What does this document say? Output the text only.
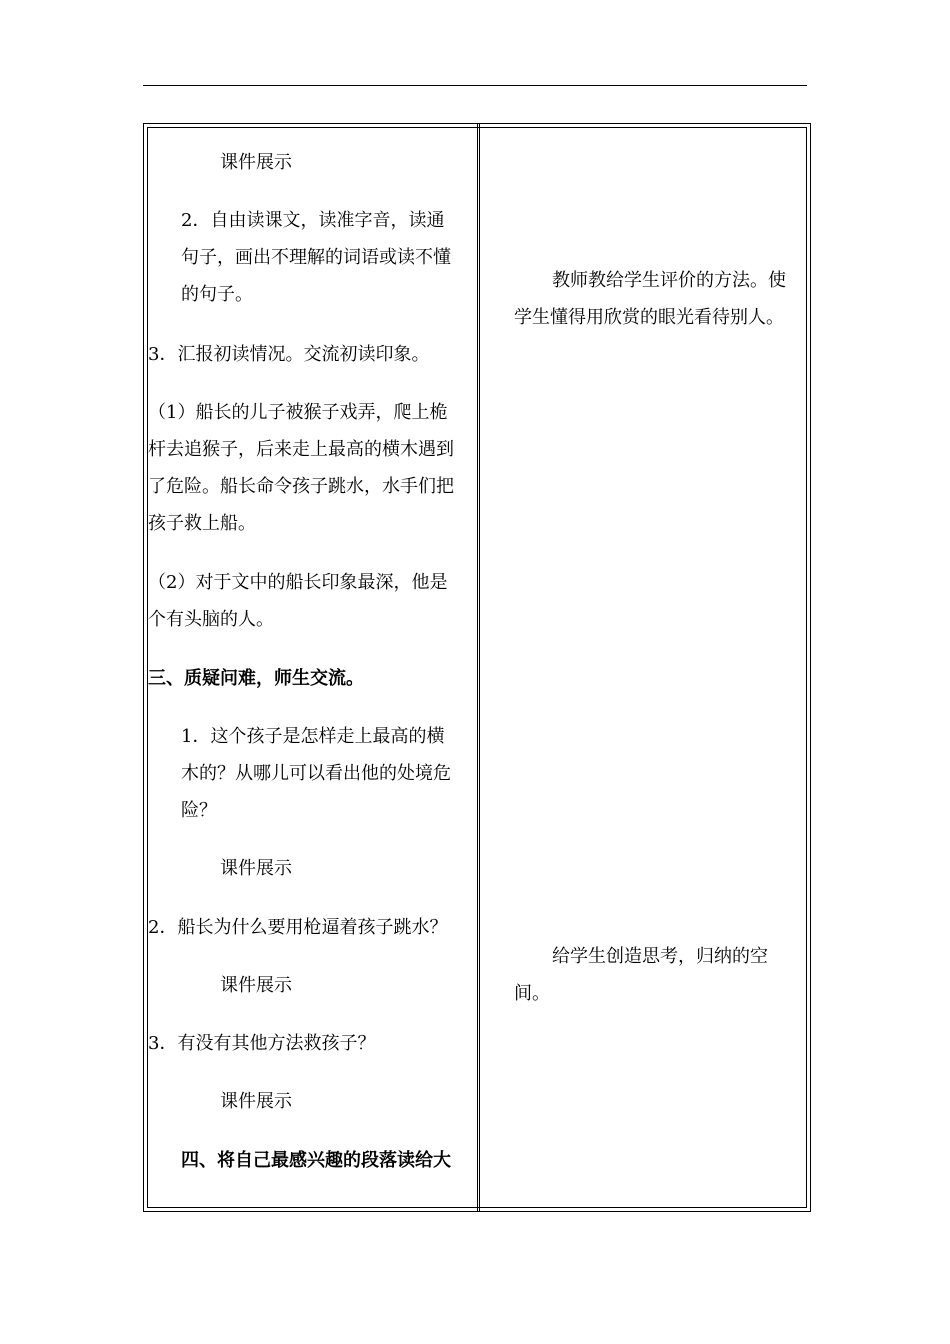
课件展示
2．自由读课文，读准字音，读通
句子，画出不理解的词语或读不懂
的句子。
3．汇报初读情况。交流初读印象。
（1）船长的儿子被猴子戏弄，爬上桅
杆去追猴子，后来走上最高的横木遇到
了危险。船长命令孩子跳水，水手们把
孩子救上船。
（2）对于文中的船长印象最深，他是
个有头脑的人。
三、质疑问难，师生交流。
1．这个孩子是怎样走上最高的横
木的？从哪儿可以看出他的处境危
险？
课件展示
2．船长为什么要用枪逼着孩子跳水？
课件展示
3．有没有其他方法救孩子？
课件展示
四、将自己最感兴趣的段落读给大
教师教给学生评价的方法。使
学生懂得用欣赏的眼光看待别人。
给学生创造思考，归纳的空
间。
